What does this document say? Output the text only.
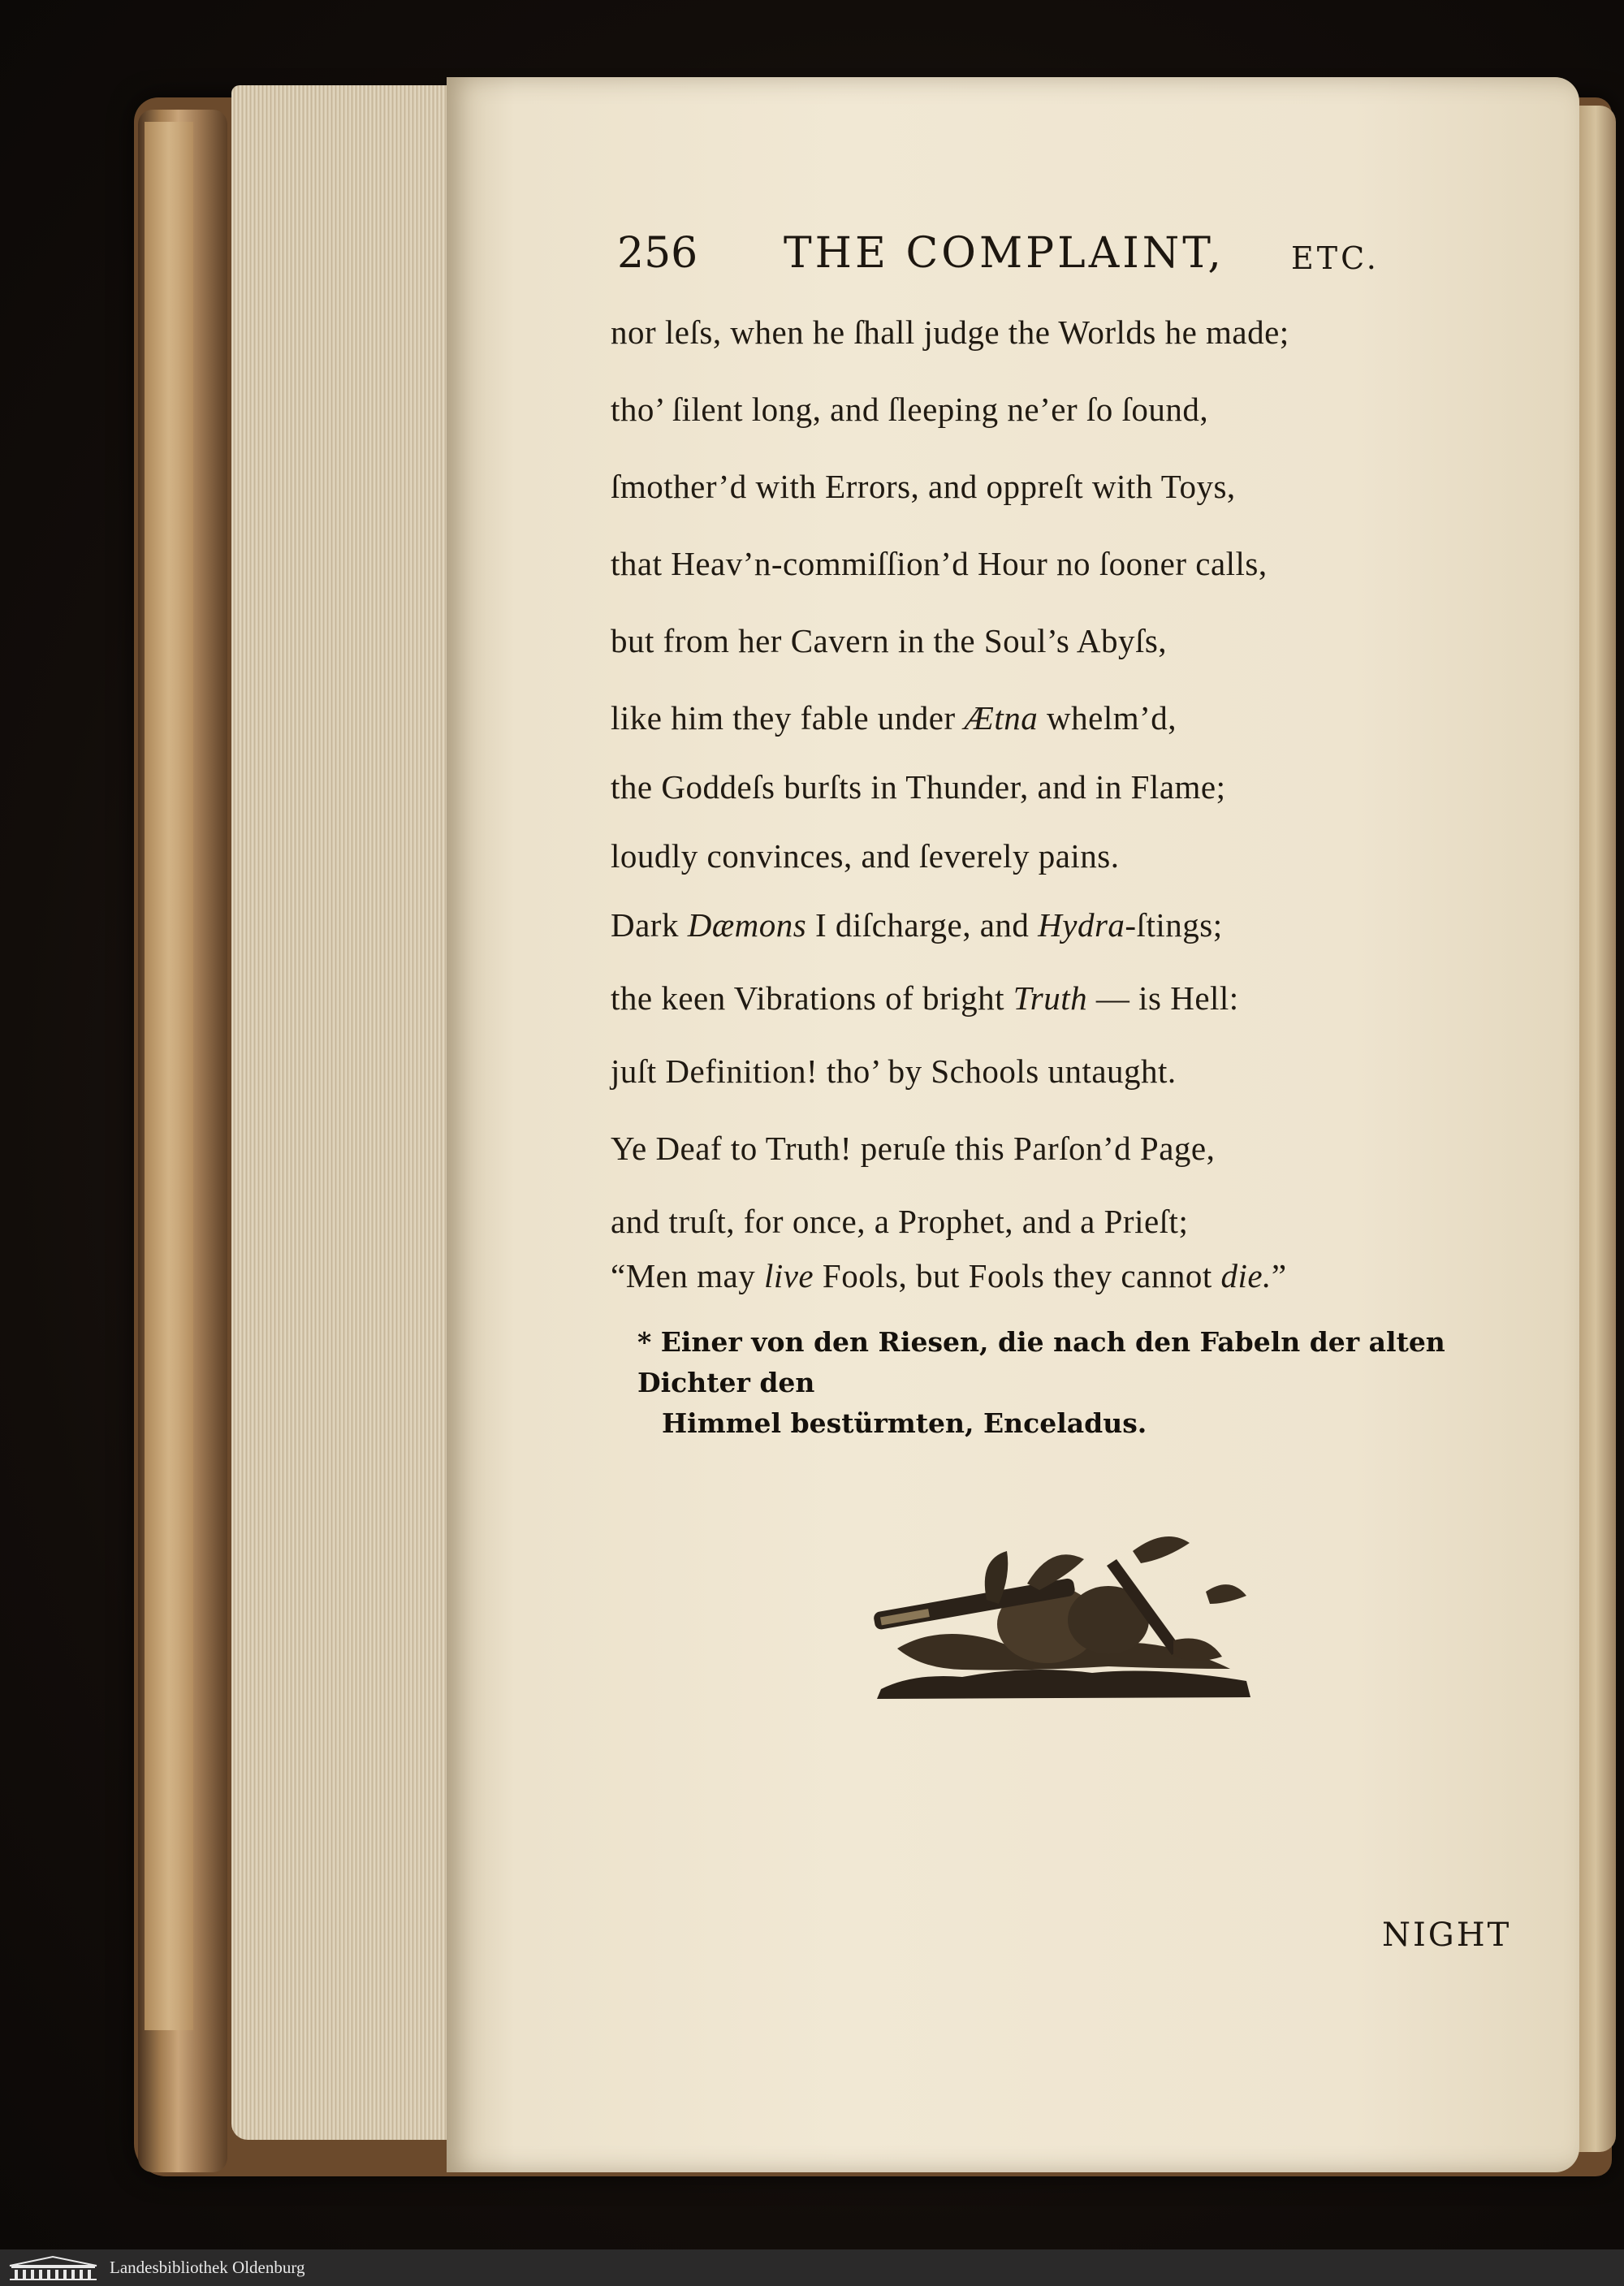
256 THE COMPLAINT, ETC.
nor leſs, when he ſhall judge the Worlds he made;
tho’ ſilent long, and ſleeping ne’er ſo ſound,
ſmother’d with Errors, and oppreſt with Toys,
that Heav’n-commiſſion’d Hour no ſooner calls,
but from her Cavern in the Soul’s Abyſs,
like him they fable under Ætna whelm’d,
the Goddeſs burſts in Thunder, and in Flame;
loudly convinces, and ſeverely pains.
Dark Dæmons I diſcharge, and Hydra-ſtings;
the keen Vibrations of bright Truth — is Hell:
juſt Definition! tho’ by Schools untaught.
Ye Deaf to Truth! peruſe this Parſon’d Page,
and truſt, for once, a Prophet, and a Prieſt;
“Men may live Fools, but Fools they cannot die.”
* Einer von den Riesen, die nach den Fabeln der alten Dichter den
Himmel bestürmten, Enceladus.
NIGHT
Landesbibliothek Oldenburg
